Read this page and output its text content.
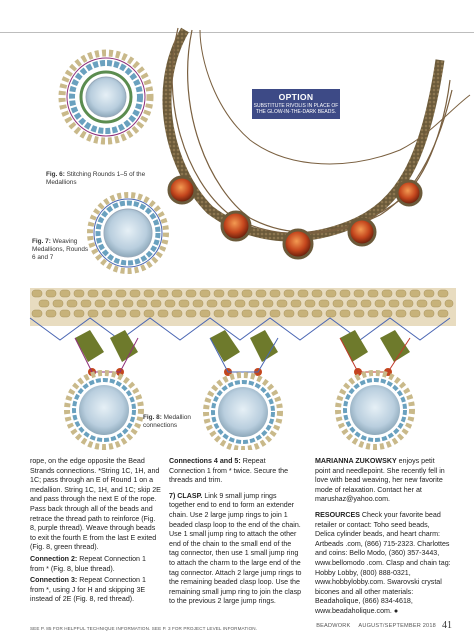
Fig. 6: Stitching Rounds 1–5 of the Medallions
Fig. 7: Weaving Medallions, Rounds 6 and 7
Fig. 8: Medallion connections
OPTION
SUBSTITUTE RIVOLIS IN PLACE OF THE GLOW-IN-THE-DARK BEADS.

rope, on the edge opposite the Bead Strands connections. *String 1C, 1H, and 1C; pass through an E of Round 1 on a medallion. String 1C, 1H, and 1C; skip 2E and pass through the next E of the rope. Pass back through all of the beads and retrace the thread path to reinforce (Fig. 8, purple thread). Weave through beads to exit the fourth E from the last E exited (Fig. 8, green thread).

Connection 2: Repeat Connection 1 from * (Fig. 8, blue thread).

Connection 3: Repeat Connection 1 from *, using J for H and skipping 3E instead of 2E (Fig. 8, red thread).

Connections 4 and 5: Repeat Connection 1 from * twice. Secure the threads and trim.

7) CLASP. Link 9 small jump rings together end to end to form an extender chain. Use 2 large jump rings to join 1 beaded clasp loop to the end of the chain. Use 1 small jump ring to attach the other end of the chain to the small end of the tag connector, then use 1 small jump ring to attach the charm to the large end of the tag connector. Attach 2 large jump rings to the remaining beaded clasp loop. Use the remaining small jump ring to join the clasp to the previous 2 large jump rings.

MARIANNA ZUKOWSKY enjoys petit point and needlepoint. She recently fell in love with bead weaving, her new favorite mode of relaxation. Contact her at marushaz@yahoo.com.

RESOURCES Check your favorite bead retailer or contact: Toho seed beads, Delica cylinder beads, and heart charm: Artbeads .com, (866) 715-2323. Charlottes and coins: Bello Modo, (360) 357-3443, www.bellomodo .com. Clasp and chain tag: Hobby Lobby, (800) 888-0321, www.hobbylobby.com. Swarovski crystal bicones and all other materials: Beadaholique, (866) 834-4618, www.beadaholique.com. ●

SEE P. 85 FOR HELPFUL TECHNIQUE INFORMATION. SEE P. 3 FOR PROJECT LEVEL INFORMATION.	BEADWORK AUGUST/SEPTEMBER 2018 41
